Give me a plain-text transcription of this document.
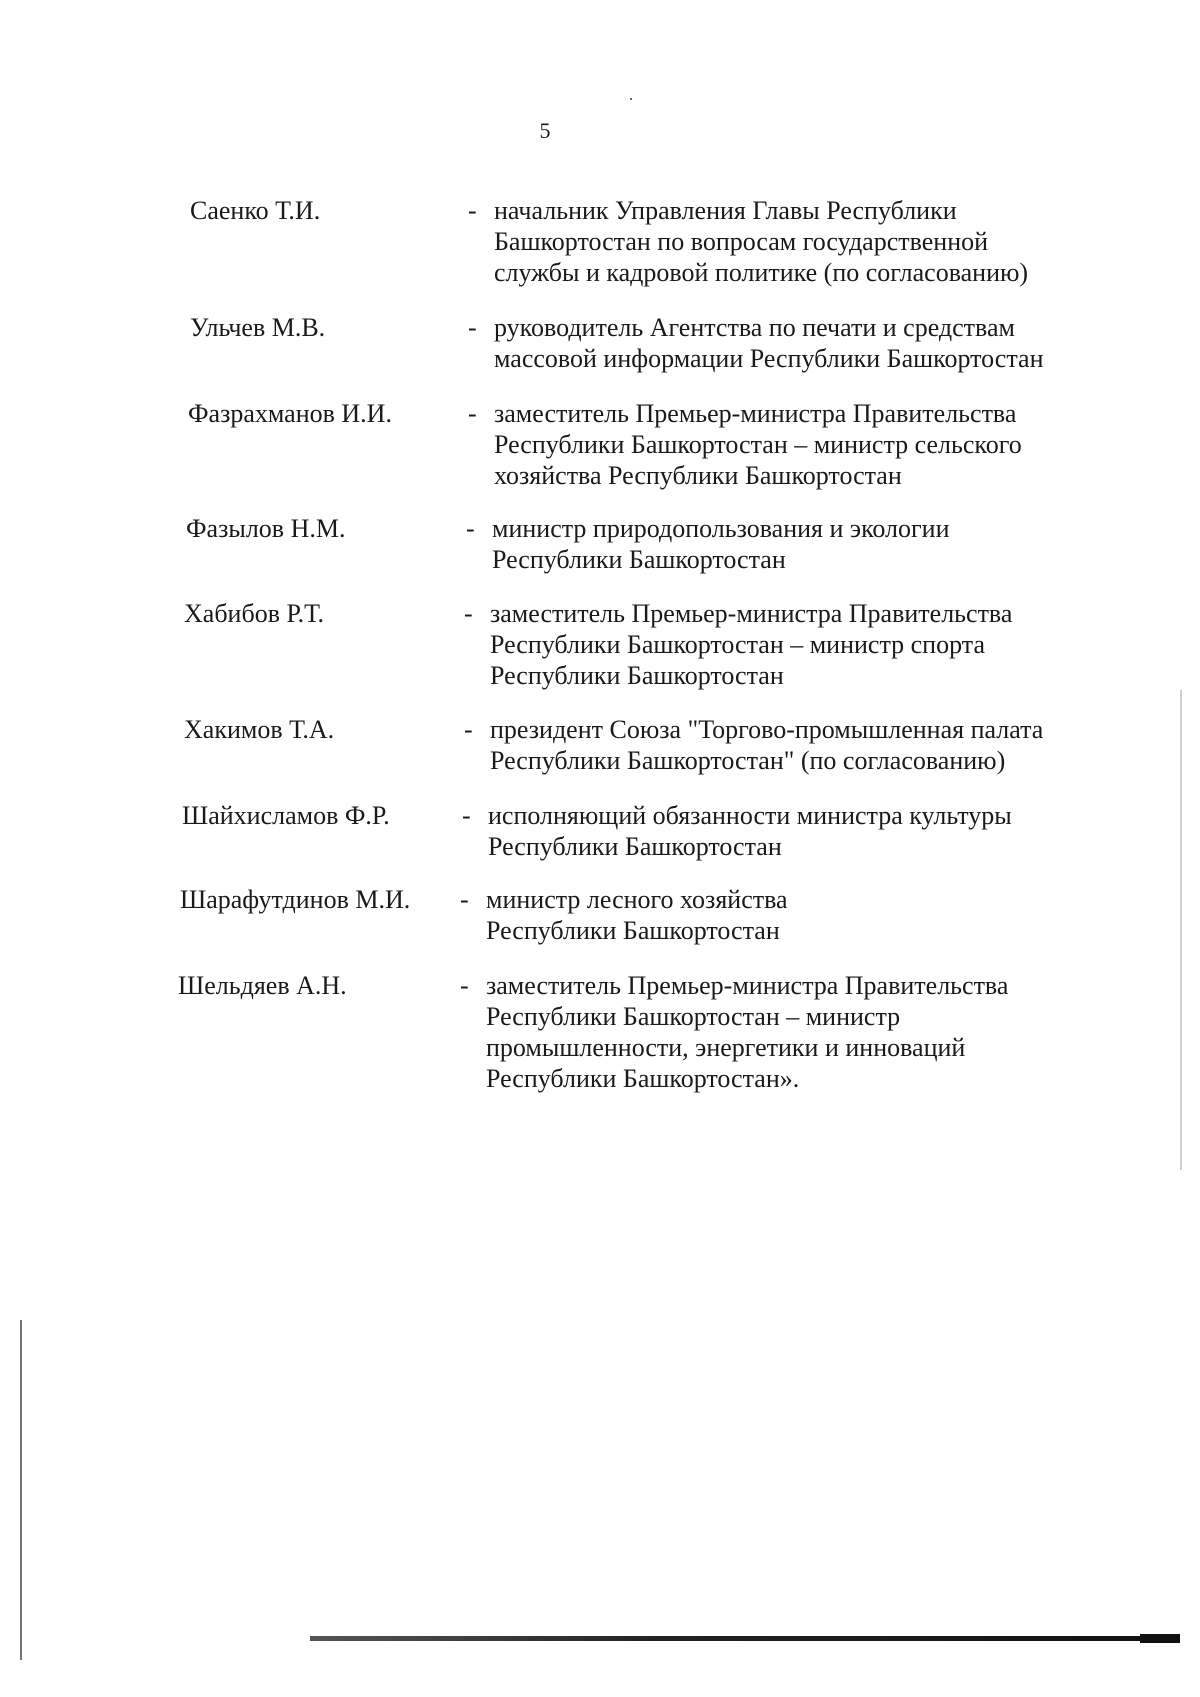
5
Саенко Т.И.	- начальник Управления Главы Республики
Башкортостан по вопросам государственной
службы и кадровой политике (по согласованию)
Ульчев М.В.	- руководитель Агентства по печати и средствам
массовой информации Республики Башкортостан
Фазрахманов И.И.	- заместитель Премьер-министра Правительства
Республики Башкортостан – министр сельского
хозяйства Республики Башкортостан
Фазылов Н.М.	- министр природопользования и экологии
Республики Башкортостан
Хабибов Р.Т.	- заместитель Премьер-министра Правительства
Республики Башкортостан – министр спорта
Республики Башкортостан
Хакимов Т.А.	- президент Союза "Торгово-промышленная палата
Республики Башкортостан" (по согласованию)
Шайхисламов Ф.Р.	- исполняющий обязанности министра культуры
Республики Башкортостан
Шарафутдинов М.И. - министр лесного хозяйства
Республики Башкортостан
Шельдяев А.Н.	- заместитель Премьер-министра Правительства
Республики Башкортостан – министр
промышленности, энергетики и инноваций
Республики Башкортостан».
